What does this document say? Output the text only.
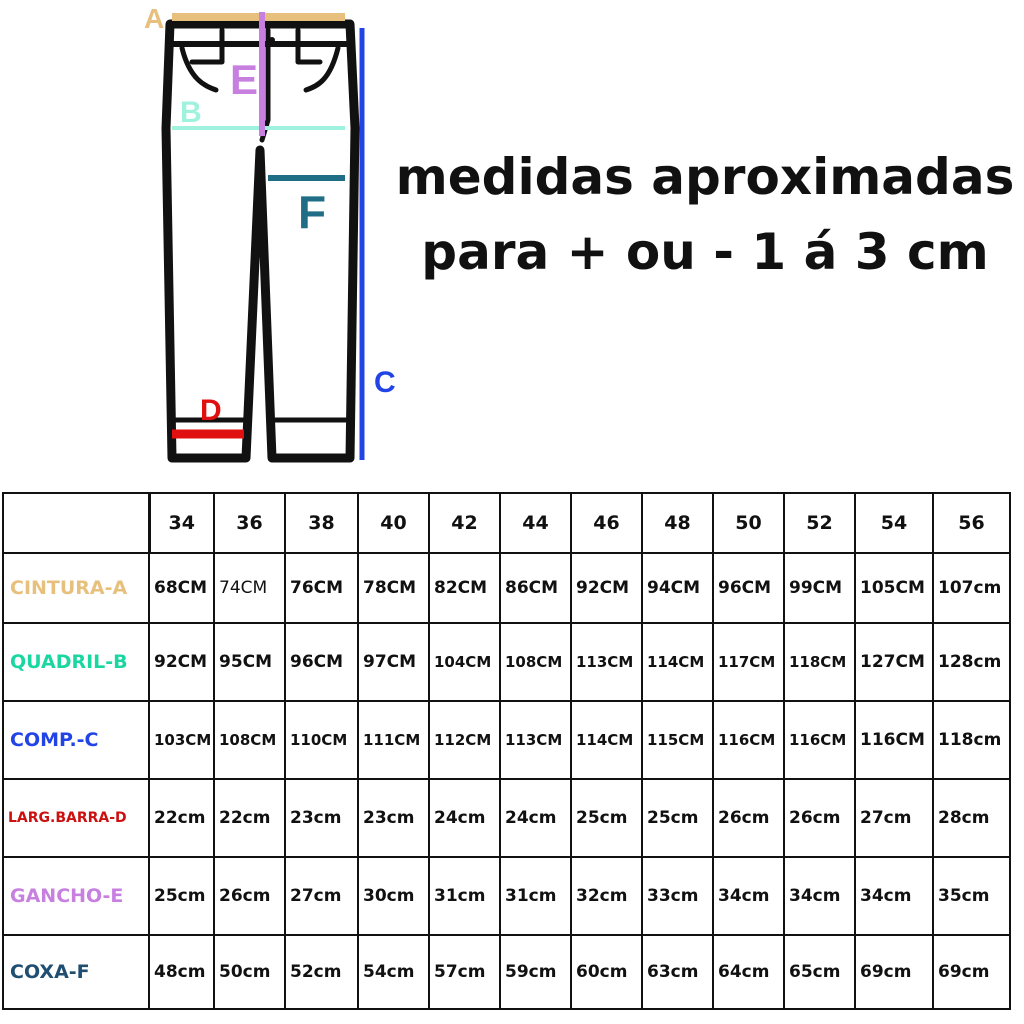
A
B
C
D
E
F
medidas aproximadas
para + ou - 1 á 3 cm
	34	36	38	40	42	44	46	48	50	52	54	56
CINTURA-A	68CM	74CM	76CM	78CM	82CM	86CM	92CM	94CM	96CM	99CM	105CM	107cm
QUADRIL-B	92CM	95CM	96CM	97CM	104CM	108CM	113CM	114CM	117CM	118CM	127CM	128cm
COMP.-C	103CM	108CM	110CM	111CM	112CM	113CM	114CM	115CM	116CM	116CM	116CM	118cm
LARG.BARRA-D	22cm	22cm	23cm	23cm	24cm	24cm	25cm	25cm	26cm	26cm	27cm	28cm
GANCHO-E	25cm	26cm	27cm	30cm	31cm	31cm	32cm	33cm	34cm	34cm	34cm	35cm
COXA-F	48cm	50cm	52cm	54cm	57cm	59cm	60cm	63cm	64cm	65cm	69cm	69cm
